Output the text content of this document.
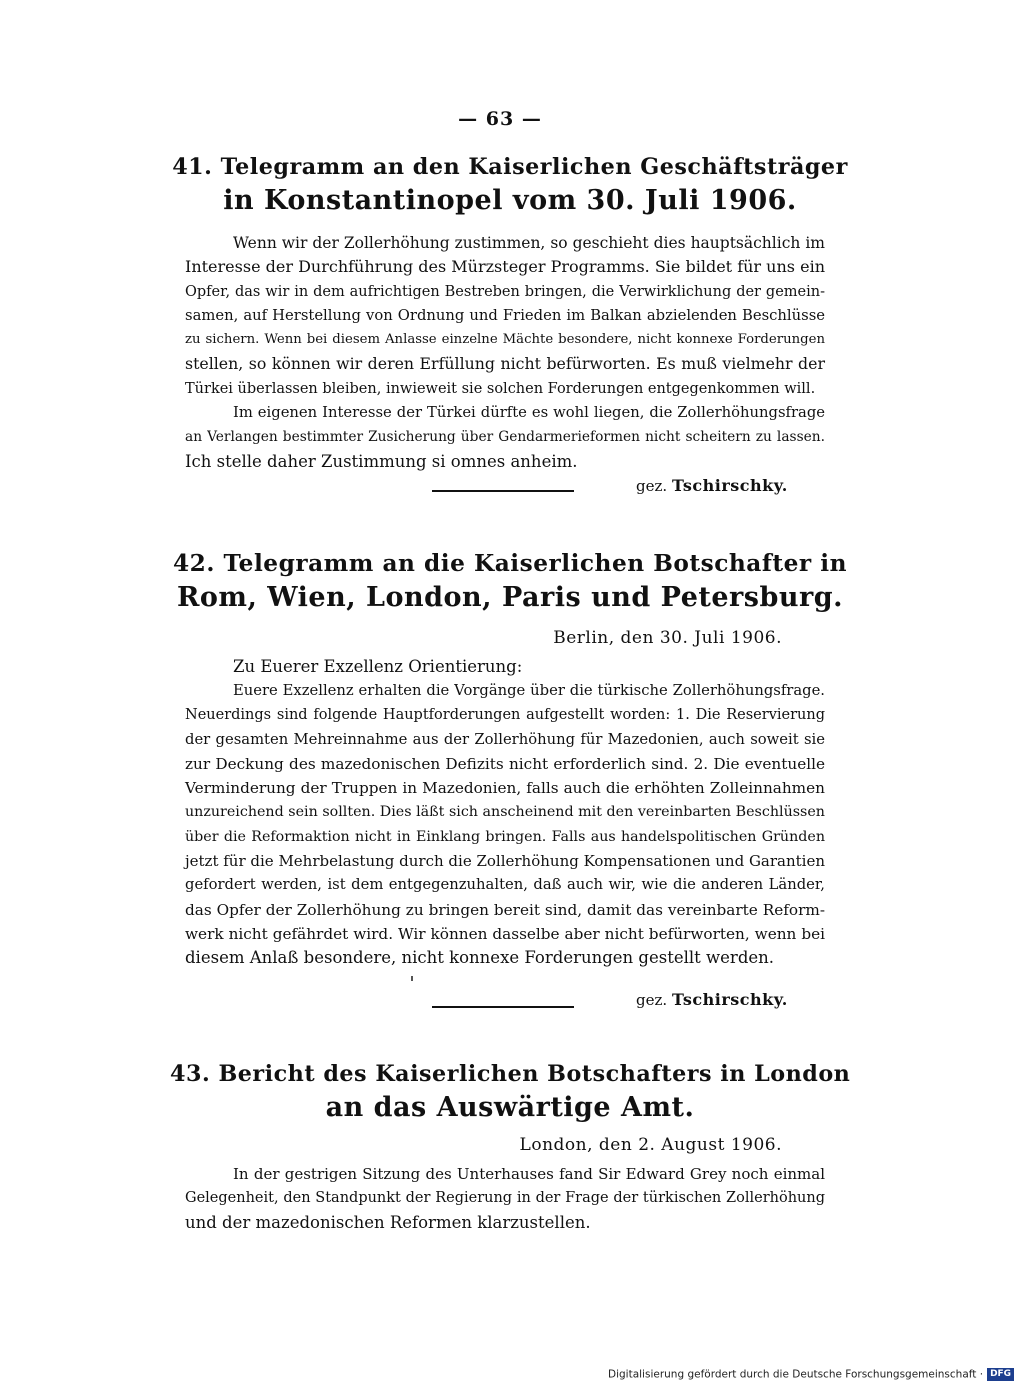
— 63 —
41. Telegramm an den Kaiserlichen Geschäftsträger
in Konstantinopel vom 30. Juli 1906.
Wenn wir der Zollerhöhung zustimmen, so geschieht dies hauptsächlich im
Interesse der Durchführung des Mürzsteger Programms. Sie bildet für uns ein
Opfer, das wir in dem aufrichtigen Bestreben bringen, die Verwirklichung der gemein-
samen, auf Herstellung von Ordnung und Frieden im Balkan abzielenden Beschlüsse
zu sichern. Wenn bei diesem Anlasse einzelne Mächte besondere, nicht konnexe Forderungen
stellen, so können wir deren Erfüllung nicht befürworten. Es muß vielmehr der
Türkei überlassen bleiben, inwieweit sie solchen Forderungen entgegenkommen will.
Im eigenen Interesse der Türkei dürfte es wohl liegen, die Zollerhöhungsfrage
an Verlangen bestimmter Zusicherung über Gendarmerieformen nicht scheitern zu lassen.
Ich stelle daher Zustimmung si omnes anheim.
gez. Tschirschky.
42. Telegramm an die Kaiserlichen Botschafter in
Rom, Wien, London, Paris und Petersburg.
Berlin, den 30. Juli 1906.
Zu Euerer Exzellenz Orientierung:
Euere Exzellenz erhalten die Vorgänge über die türkische Zollerhöhungsfrage.
Neuerdings sind folgende Hauptforderungen aufgestellt worden: 1. Die Reservierung
der gesamten Mehreinnahme aus der Zollerhöhung für Mazedonien, auch soweit sie
zur Deckung des mazedonischen Defizits nicht erforderlich sind. 2. Die eventuelle
Verminderung der Truppen in Mazedonien, falls auch die erhöhten Zolleinnahmen
unzureichend sein sollten. Dies läßt sich anscheinend mit den vereinbarten Beschlüssen
über die Reformaktion nicht in Einklang bringen. Falls aus handelspolitischen Gründen
jetzt für die Mehrbelastung durch die Zollerhöhung Kompensationen und Garantien
gefordert werden, ist dem entgegenzuhalten, daß auch wir, wie die anderen Länder,
das Opfer der Zollerhöhung zu bringen bereit sind, damit das vereinbarte Reform-
werk nicht gefährdet wird. Wir können dasselbe aber nicht befürworten, wenn bei
diesem Anlaß besondere, nicht konnexe Forderungen gestellt werden.
gez. Tschirschky.
43. Bericht des Kaiserlichen Botschafters in London
an das Auswärtige Amt.
London, den 2. August 1906.
In der gestrigen Sitzung des Unterhauses fand Sir Edward Grey noch einmal
Gelegenheit, den Standpunkt der Regierung in der Frage der türkischen Zollerhöhung
und der mazedonischen Reformen klarzustellen.
Digitalisierung gefördert durch die Deutsche Forschungsgemeinschaft · DFG
